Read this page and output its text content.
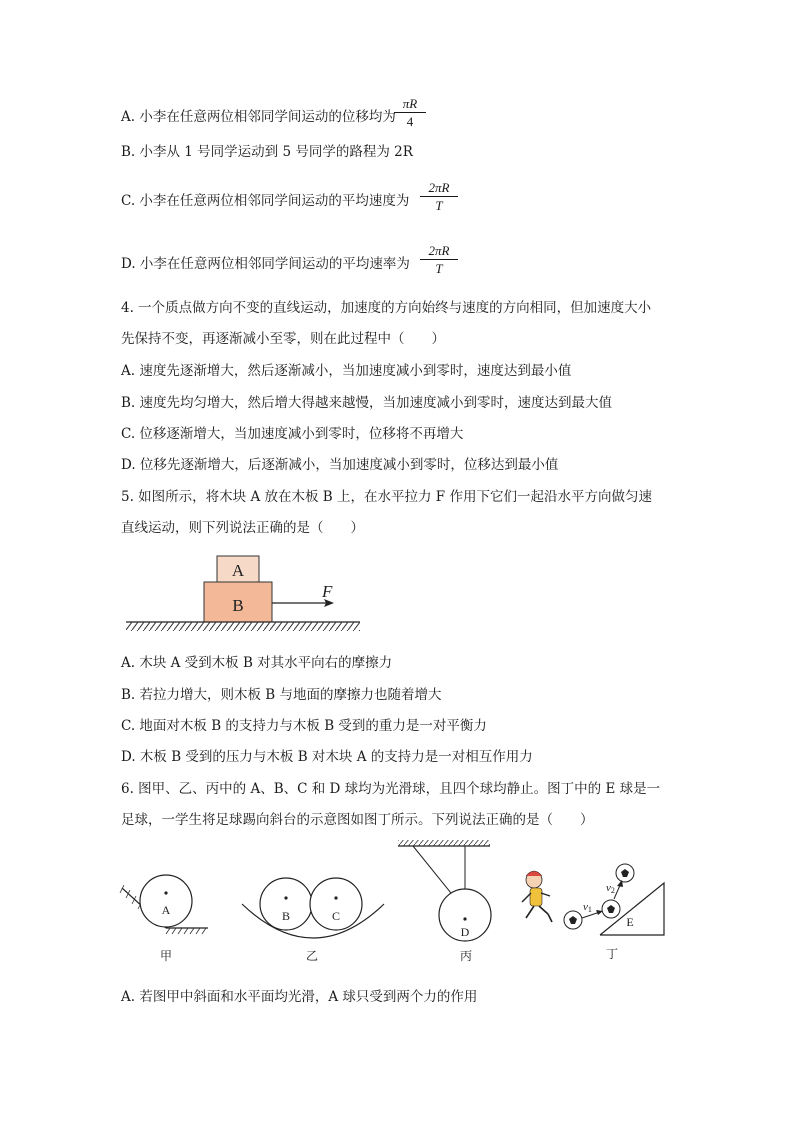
A. 小李在任意两位相邻同学间运动的位移均为
πR
4
B. 小李从 1 号同学运动到 5 号同学的路程为 2R
C. 小李在任意两位相邻同学间运动的平均速度为
2πR
T
D. 小李在任意两位相邻同学间运动的平均速率为
2πR
T
4. 一个质点做方向不变的直线运动，加速度的方向始终与速度的方向相同，但加速度大小
先保持不变，再逐渐减小至零，则在此过程中（　　）
A. 速度先逐渐增大，然后逐渐减小，当加速度减小到零时，速度达到最小值
B. 速度先均匀增大，然后增大得越来越慢，当加速度减小到零时，速度达到最大值
C. 位移逐渐增大，当加速度减小到零时，位移将不再增大
D. 位移先逐渐增大，后逐渐减小，当加速度减小到零时，位移达到最小值
5. 如图所示，将木块 A 放在木板 B 上，在水平拉力 F 作用下它们一起沿水平方向做匀速
直线运动，则下列说法正确的是（　　）
A
B
F
A. 木块 A 受到木板 B 对其水平向右的摩擦力
B. 若拉力增大，则木板 B 与地面的摩擦力也随着增大
C. 地面对木板 B 的支持力与木板 B 受到的重力是一对平衡力
D. 木板 B 受到的压力与木板 B 对木块 A 的支持力是一对相互作用力
6. 图甲、乙、丙中的 A、B、C 和 D 球均为光滑球，且四个球均静止。图丁中的 E 球是一
足球，一学生将足球踢向斜台的示意图如图丁所示。下列说法正确的是（　　）
A
甲
B	C
乙
D
丙
v1
v2
E
丁
A. 若图甲中斜面和水平面均光滑，A 球只受到两个力的作用
